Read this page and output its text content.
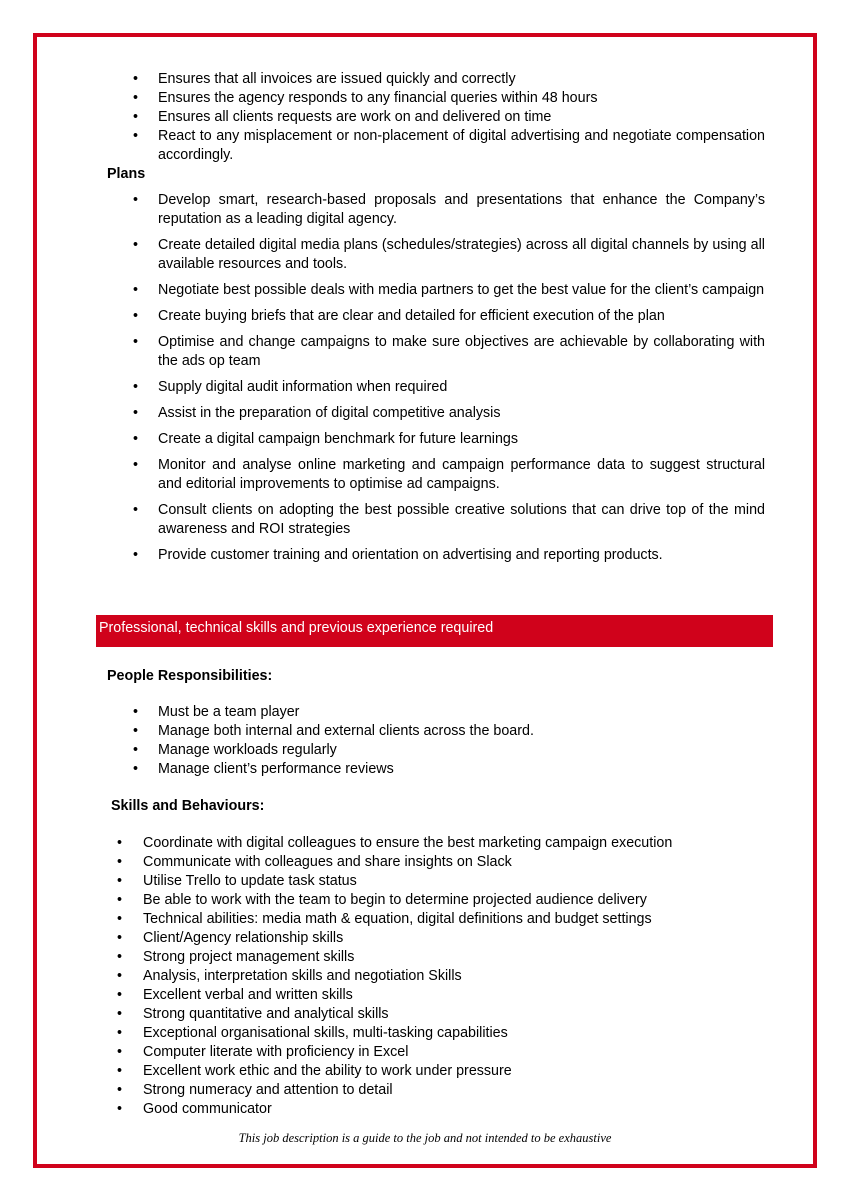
• Ensures that all invoices are issued quickly and correctly
• Ensures the agency responds to any financial queries within 48 hours
• Ensures all clients requests are work on and delivered on time
• React to any misplacement or non-placement of digital advertising and negotiate compensation accordingly.
Plans
• Develop smart, research-based proposals and presentations that enhance the Company’s reputation as a leading digital agency.
• Create detailed digital media plans (schedules/strategies) across all digital channels by using all available resources and tools.
• Negotiate best possible deals with media partners to get the best value for the client’s campaign
• Create buying briefs that are clear and detailed for efficient execution of the plan
• Optimise and change campaigns to make sure objectives are achievable by collaborating with the ads op team
• Supply digital audit information when required
• Assist in the preparation of digital competitive analysis
• Create a digital campaign benchmark for future learnings
• Monitor and analyse online marketing and campaign performance data to suggest structural and editorial improvements to optimise ad campaigns.
• Consult clients on adopting the best possible creative solutions that can drive top of the mind awareness and ROI strategies
• Provide customer training and orientation on advertising and reporting products.
Professional, technical skills and previous experience required
People Responsibilities:
• Must be a team player
• Manage both internal and external clients across the board.
• Manage workloads regularly
• Manage client’s performance reviews
Skills and Behaviours:
• Coordinate with digital colleagues to ensure the best marketing campaign execution
• Communicate with colleagues and share insights on Slack
• Utilise Trello to update task status
• Be able to work with the team to begin to determine projected audience delivery
• Technical abilities: media math & equation, digital definitions and budget settings
• Client/Agency relationship skills
• Strong project management skills
• Analysis, interpretation skills and negotiation Skills
• Excellent verbal and written skills
• Strong quantitative and analytical skills
• Exceptional organisational skills, multi-tasking capabilities
• Computer literate with proficiency in Excel
• Excellent work ethic and the ability to work under pressure
• Strong numeracy and attention to detail
• Good communicator
This job description is a guide to the job and not intended to be exhaustive
